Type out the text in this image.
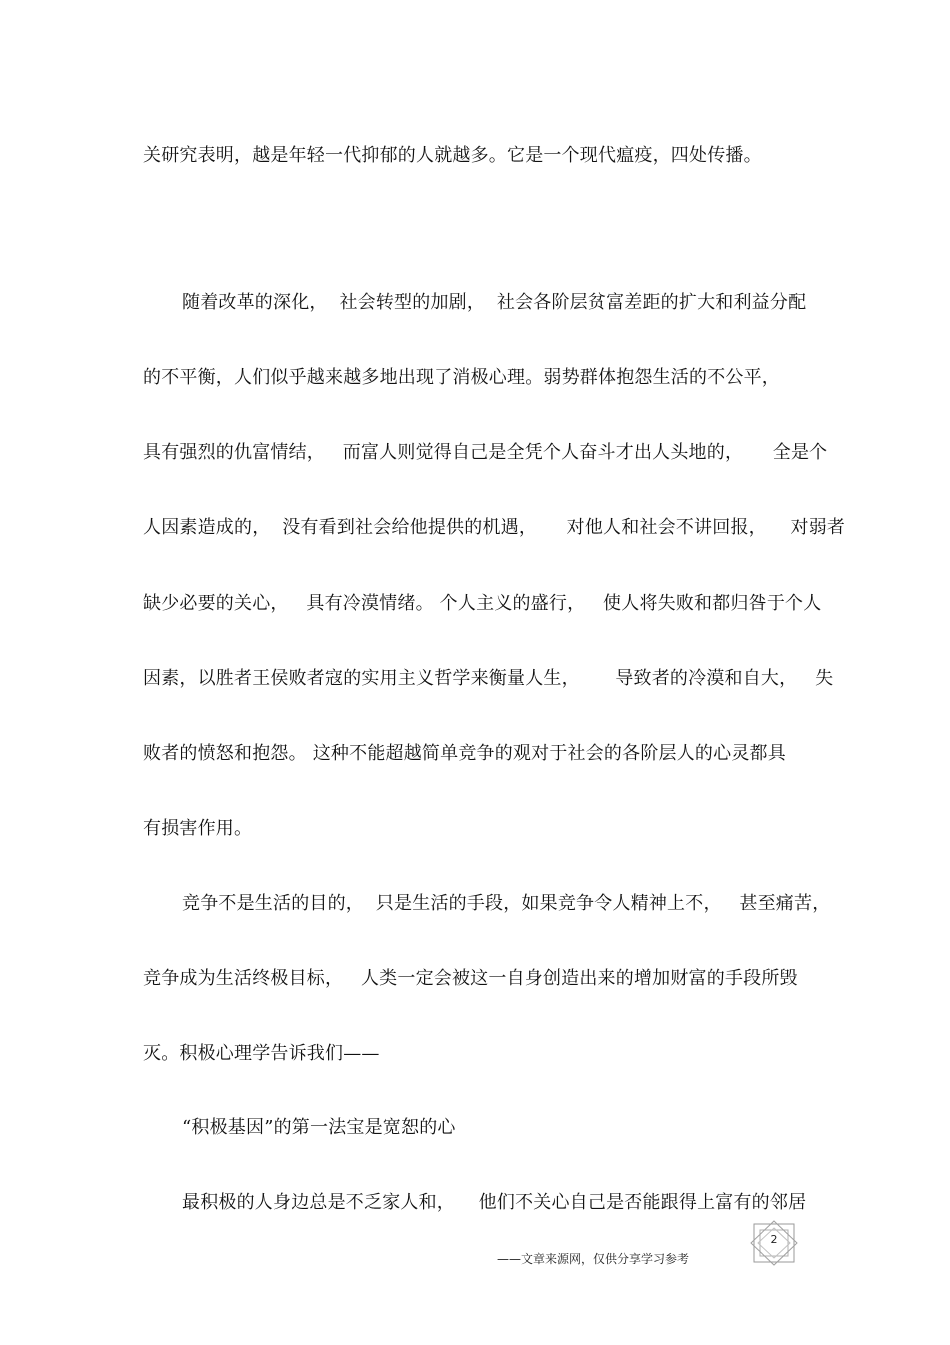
关研究表明，越是年轻一代抑郁的人就越多。它是一个现代瘟疫，四处传播。

随着改革的深化，  社会转型的加剧，  社会各阶层贫富差距的扩大和利益分配

的不平衡，人们似乎越来越多地出现了消极心理。弱势群体抱怨生活的不公平，

具有强烈的仇富情结，   而富人则觉得自己是全凭个人奋斗才出人头地的，     全是个

人因素造成的，  没有看到社会给他提供的机遇，     对他人和社会不讲回报，    对弱者

缺少必要的关心，   具有冷漠情绪。 个人主义的盛行，   使人将失败和都归咎于个人

因素，以胜者王侯败者寇的实用主义哲学来衡量人生，      导致者的冷漠和自大，   失

败者的愤怒和抱怨。 这种不能超越简单竞争的观对于社会的各阶层人的心灵都具

有损害作用。

竞争不是生活的目的，  只是生活的手段，如果竞争令人精神上不，   甚至痛苦，

竞争成为生活终极目标，   人类一定会被这一自身创造出来的增加财富的手段所毁

灭。积极心理学告诉我们——

“积极基因”的第一法宝是宽恕的心

最积极的人身边总是不乏家人和，    他们不关心自己是否能跟得上富有的邻居

——文章来源网，仅供分享学习参考
2
